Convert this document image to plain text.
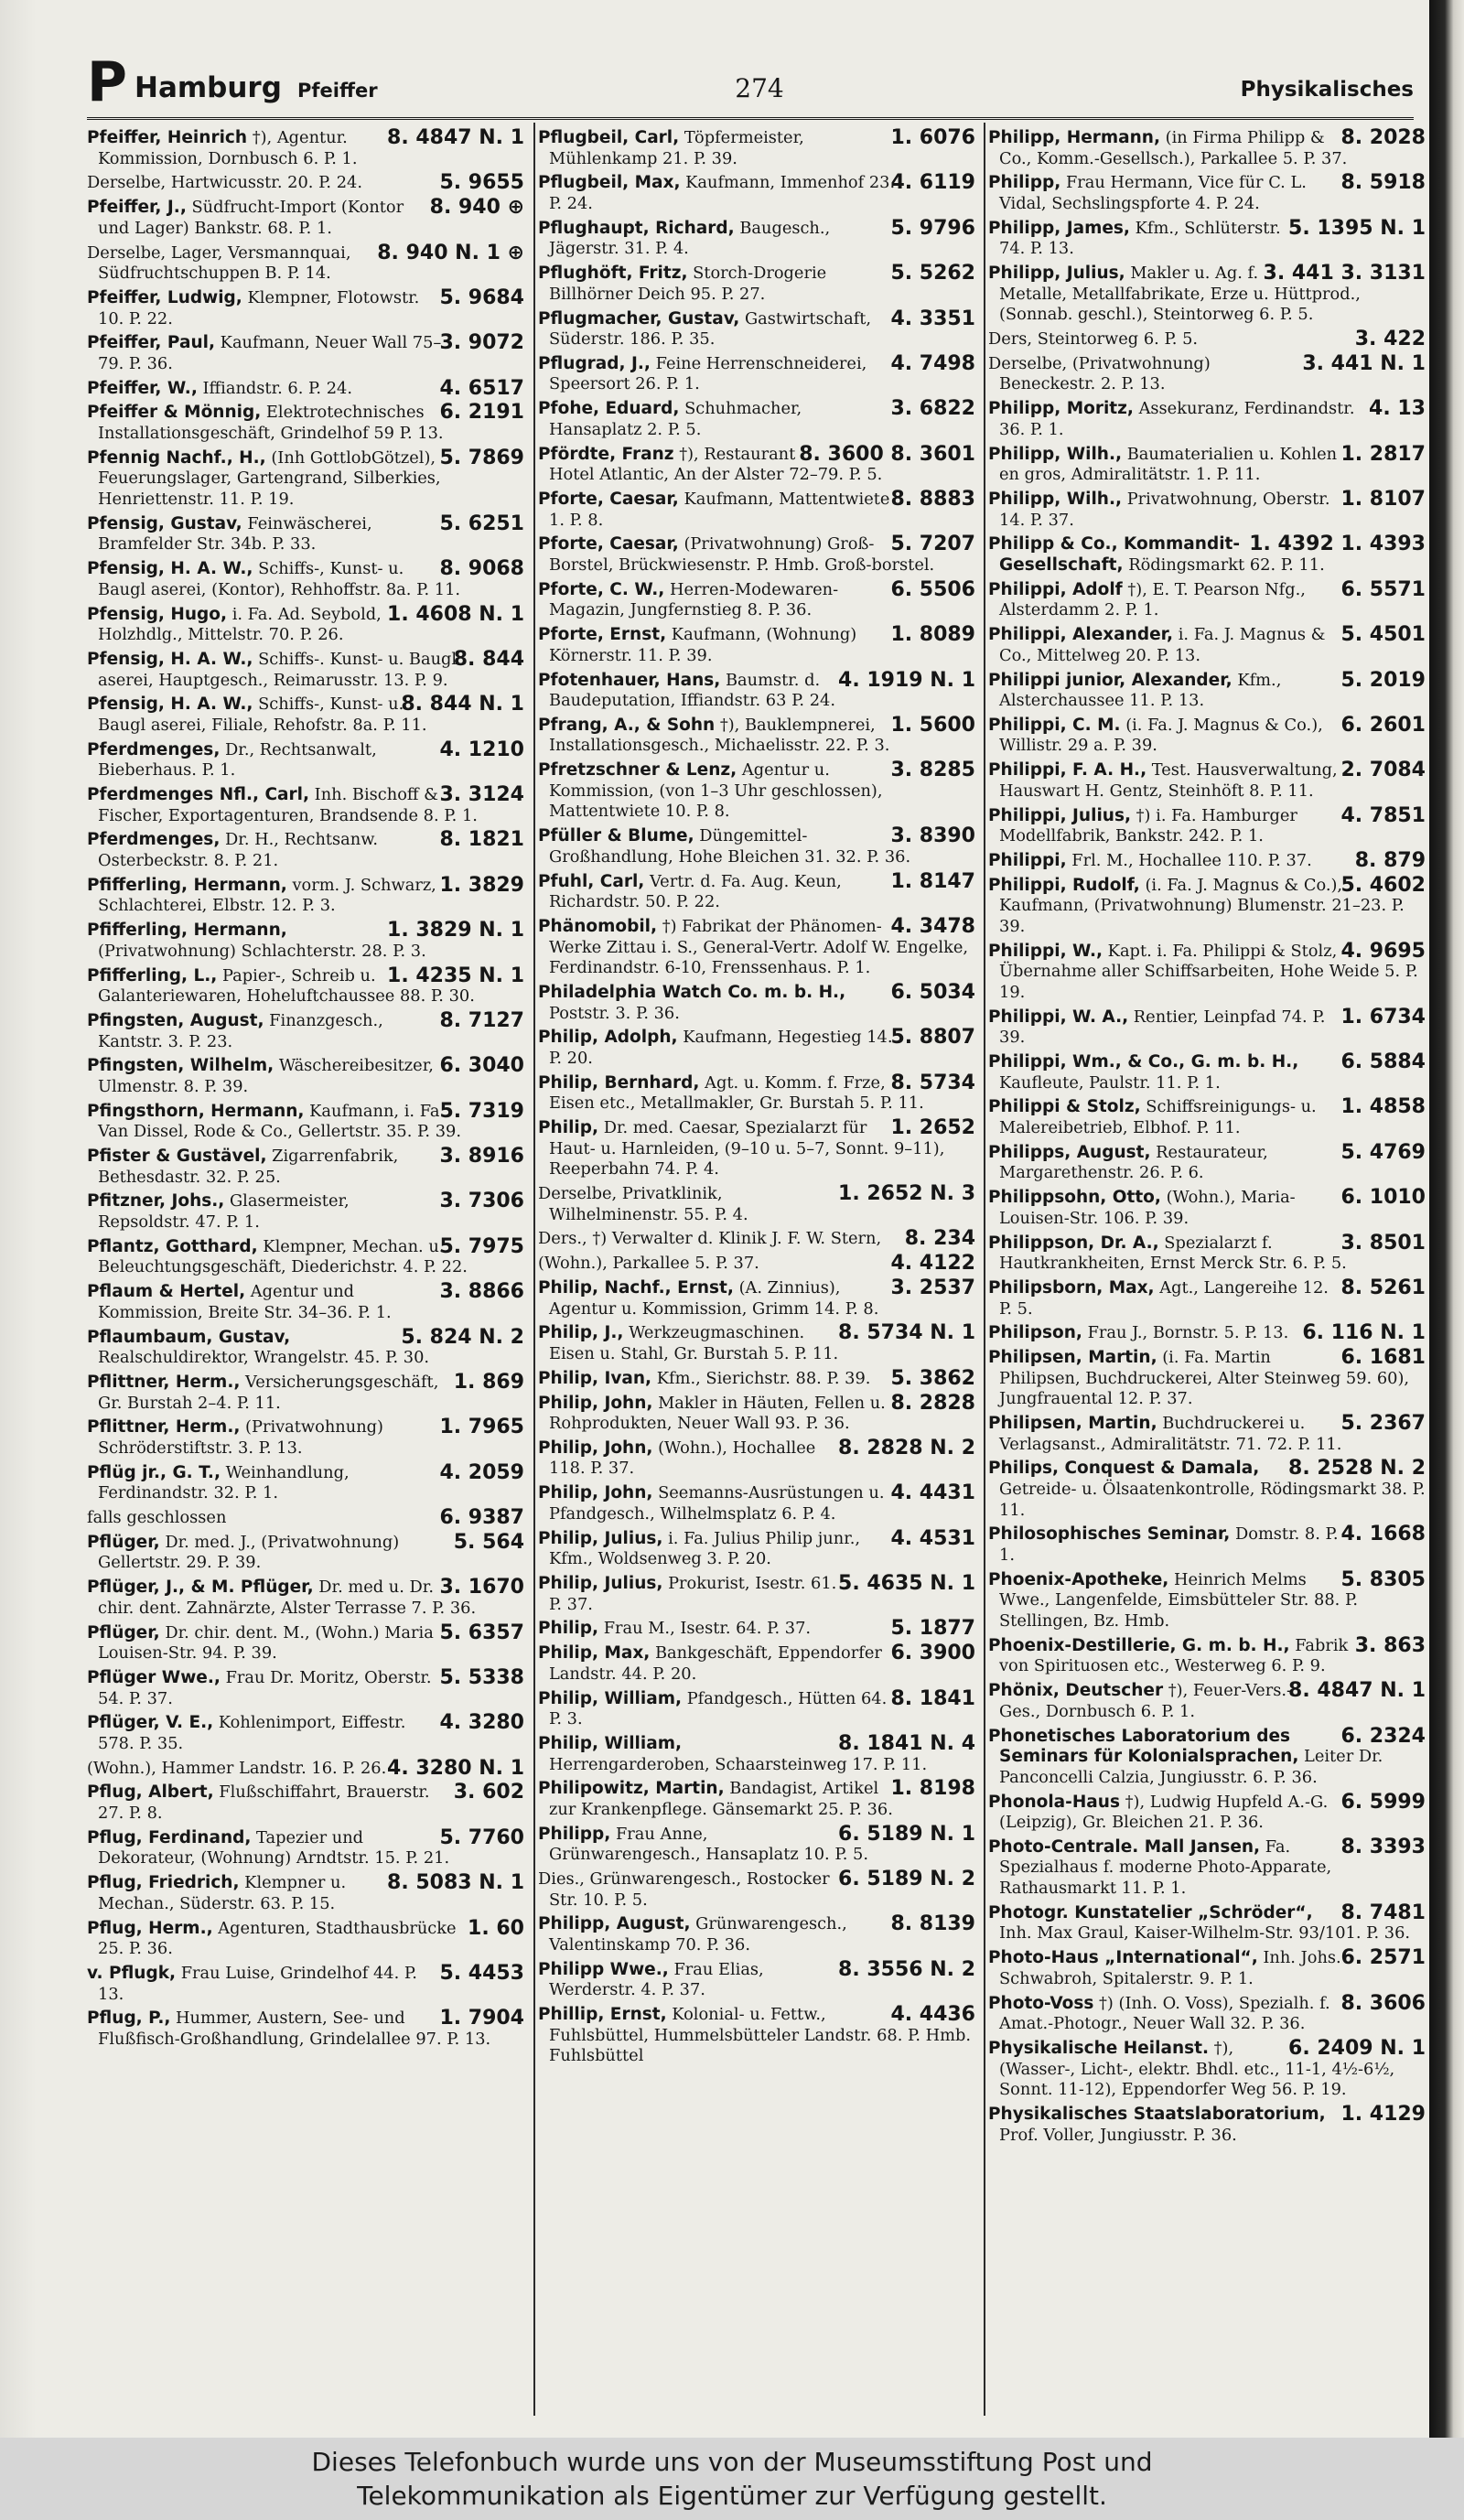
P Hamburg Pfeiffer	274	Physikalisches

8. 4847 N. 1
Pfeiffer, Heinrich †), Agentur. Kommission, Dornbusch 6. P. 1.

5. 9655
Derselbe, Hartwicusstr. 20. P. 24.

8. 940 ⊕
Pfeiffer, J., Südfrucht-Import (Kontor und Lager) Bankstr. 68. P. 1.

8. 940 N. 1 ⊕
Derselbe, Lager, Versmannquai, Südfruchtschuppen B. P. 14.

5. 9684
Pfeiffer, Ludwig, Klempner, Flotowstr. 10. P. 22.

3. 9072
Pfeiffer, Paul, Kaufmann, Neuer Wall 75–79. P. 36.

4. 6517
Pfeiffer, W., Iffiandstr. 6. P. 24.

6. 2191
Pfeiffer & Mönnig, Elektrotechnisches Installationsgeschäft, Grindelhof 59 P. 13.

5. 7869
Pfennig Nachf., H., (Inh GottlobGötzel), Feuerungslager, Gartengrand, Silberkies, Henriettenstr. 11. P. 19.

5. 6251
Pfensig, Gustav, Feinwäscherei, Bramfelder Str. 34b. P. 33.

8. 9068
Pfensig, H. A. W., Schiffs-, Kunst- u. Baugl aserei, (Kontor), Rehhoffstr. 8a. P. 11.

1. 4608 N. 1
Pfensig, Hugo, i. Fa. Ad. Seybold, Holzhdlg., Mittelstr. 70. P. 26.

8. 844
Pfensig, H. A. W., Schiffs-. Kunst- u. Baugl aserei, Hauptgesch., Reimarusstr. 13. P. 9.

8. 844 N. 1
Pfensig, H. A. W., Schiffs-, Kunst- u. Baugl aserei, Filiale, Rehofstr. 8a. P. 11.

4. 1210
Pferdmenges, Dr., Rechtsanwalt, Bieberhaus. P. 1.

3. 3124
Pferdmenges Nfl., Carl, Inh. Bischoff & Fischer, Exportagenturen, Brandsende 8. P. 1.

8. 1821
Pferdmenges, Dr. H., Rechtsanw. Osterbeckstr. 8. P. 21.

1. 3829
Pfifferling, Hermann, vorm. J. Schwarz, Schlachterei, Elbstr. 12. P. 3.

1. 3829 N. 1
Pfifferling, Hermann, (Privatwohnung) Schlachterstr. 28. P. 3.

1. 4235 N. 1
Pfifferling, L., Papier-, Schreib u. Galanteriewaren, Hoheluftchaussee 88. P. 30.

8. 7127
Pfingsten, August, Finanzgesch., Kantstr. 3. P. 23.

6. 3040
Pfingsten, Wilhelm, Wäschereibesitzer, Ulmenstr. 8. P. 39.

5. 7319
Pfingsthorn, Hermann, Kaufmann, i. Fa. Van Dissel, Rode & Co., Gellertstr. 35. P. 39.

3. 8916
Pfister & Gustävel, Zigarrenfabrik, Bethesdastr. 32. P. 25.

3. 7306
Pfitzner, Johs., Glasermeister, Repsoldstr. 47. P. 1.

5. 7975
Pflantz, Gotthard, Klempner, Mechan. u. Beleuchtungsgeschäft, Diederichstr. 4. P. 22.

3. 8866
Pflaum & Hertel, Agentur und Kommission, Breite Str. 34–36. P. 1.

5. 824 N. 2
Pflaumbaum, Gustav, Realschuldirektor, Wrangelstr. 45. P. 30.

1. 869
Pflittner, Herm., Versicherungsgeschäft, Gr. Burstah 2–4. P. 11.

1. 7965
Pflittner, Herm., (Privatwohnung) Schröderstiftstr. 3. P. 13.

4. 2059
Pflüg jr., G. T., Weinhandlung, Ferdinandstr. 32. P. 1.

6. 9387
falls geschlossen

5. 564
Pflüger, Dr. med. J., (Privatwohnung) Gellertstr. 29. P. 39.

3. 1670
Pflüger, J., & M. Pflüger, Dr. med u. Dr. chir. dent. Zahnärzte, Alster Terrasse 7. P. 36.

5. 6357
Pflüger, Dr. chir. dent. M., (Wohn.) Maria Louisen-Str. 94. P. 39.

5. 5338
Pflüger Wwe., Frau Dr. Moritz, Oberstr. 54. P. 37.

4. 3280
Pflüger, V. E., Kohlenimport, Eiffestr. 578. P. 35.

4. 3280 N. 1
(Wohn.), Hammer Landstr. 16. P. 26.

3. 602
Pflug, Albert, Flußschiffahrt, Brauerstr. 27. P. 8.

5. 7760
Pflug, Ferdinand, Tapezier und Dekorateur, (Wohnung) Arndtstr. 15. P. 21.

8. 5083 N. 1
Pflug, Friedrich, Klempner u. Mechan., Süderstr. 63. P. 15.

1. 60
Pflug, Herm., Agenturen, Stadthausbrücke 25. P. 36.

5. 4453
v. Pflugk, Frau Luise, Grindelhof 44. P. 13.

1. 7904
Pflug, P., Hummer, Austern, See- und Flußfisch-Großhandlung, Grindelallee 97. P. 13.

1. 6076
Pflugbeil, Carl, Töpfermeister, Mühlenkamp 21. P. 39.

4. 6119
Pflugbeil, Max, Kaufmann, Immenhof 23. P. 24.

5. 9796
Pflughaupt, Richard, Baugesch., Jägerstr. 31. P. 4.

5. 5262
Pflughöft, Fritz, Storch-Drogerie Billhörner Deich 95. P. 27.

4. 3351
Pflugmacher, Gustav, Gastwirtschaft, Süderstr. 186. P. 35.

4. 7498
Pflugrad, J., Feine Herrenschneiderei, Speersort 26. P. 1.

3. 6822
Pfohe, Eduard, Schuhmacher, Hansaplatz 2. P. 5.

8. 3600 8. 3601
Pfördte, Franz †), Restaurant Hotel Atlantic, An der Alster 72–79. P. 5.

8. 8883
Pforte, Caesar, Kaufmann, Mattentwiete 1. P. 8.

5. 7207
Pforte, Caesar, (Privatwohnung) Groß-Borstel, Brückwiesenstr. P. Hmb. Groß-borstel.

6. 5506
Pforte, C. W., Herren-Modewaren-Magazin, Jungfernstieg 8. P. 36.

1. 8089
Pforte, Ernst, Kaufmann, (Wohnung) Körnerstr. 11. P. 39.

4. 1919 N. 1
Pfotenhauer, Hans, Baumstr. d. Baudeputation, Iffiandstr. 63 P. 24.

1. 5600
Pfrang, A., & Sohn †), Bauklempnerei, Installationsgesch., Michaelisstr. 22. P. 3.

3. 8285
Pfretzschner & Lenz, Agentur u. Kommission, (von 1–3 Uhr geschlossen), Mattentwiete 10. P. 8.

3. 8390
Pfüller & Blume, Düngemittel-Großhandlung, Hohe Bleichen 31. 32. P. 36.

1. 8147
Pfuhl, Carl, Vertr. d. Fa. Aug. Keun, Richardstr. 50. P. 22.

4. 3478
Phänomobil, †) Fabrikat der Phänomen-Werke Zittau i. S., General-Vertr. Adolf W. Engelke, Ferdinandstr. 6-10, Frenssenhaus. P. 1.

6. 5034
Philadelphia Watch Co. m. b. H., Poststr. 3. P. 36.

5. 8807
Philip, Adolph, Kaufmann, Hegestieg 14. P. 20.

8. 5734
Philip, Bernhard, Agt. u. Komm. f. Frze, Eisen etc., Metallmakler, Gr. Burstah 5. P. 11.

1. 2652
Philip, Dr. med. Caesar, Spezialarzt für Haut- u. Harnleiden, (9–10 u. 5–7, Sonnt. 9–11), Reeperbahn 74. P. 4.

1. 2652 N. 3
Derselbe, Privatklinik, Wilhelminenstr. 55. P. 4.

8. 234
Ders., †) Verwalter d. Klinik J. F. W. Stern,

4. 4122
(Wohn.), Parkallee 5. P. 37.

3. 2537
Philip, Nachf., Ernst, (A. Zinnius), Agentur u. Kommission, Grimm 14. P. 8.

8. 5734 N. 1
Philip, J., Werkzeugmaschinen. Eisen u. Stahl, Gr. Burstah 5. P. 11.

5. 3862
Philip, Ivan, Kfm., Sierichstr. 88. P. 39.

8. 2828
Philip, John, Makler in Häuten, Fellen u. Rohprodukten, Neuer Wall 93. P. 36.

8. 2828 N. 2
Philip, John, (Wohn.), Hochallee 118. P. 37.

4. 4431
Philip, John, Seemanns-Ausrüstungen u. Pfandgesch., Wilhelmsplatz 6. P. 4.

4. 4531
Philip, Julius, i. Fa. Julius Philip junr., Kfm., Woldsenweg 3. P. 20.

5. 4635 N. 1
Philip, Julius, Prokurist, Isestr. 61. P. 37.

5. 1877
Philip, Frau M., Isestr. 64. P. 37.

6. 3900
Philip, Max, Bankgeschäft, Eppendorfer Landstr. 44. P. 20.

8. 1841
Philip, William, Pfandgesch., Hütten 64. P. 3.

8. 1841 N. 4
Philip, William, Herrengarderoben, Schaarsteinweg 17. P. 11.

1. 8198
Philipowitz, Martin, Bandagist, Artikel zur Krankenpflege. Gänsemarkt 25. P. 36.

6. 5189 N. 1
Philipp, Frau Anne, Grünwarengesch., Hansaplatz 10. P. 5.

6. 5189 N. 2
Dies., Grünwarengesch., Rostocker Str. 10. P. 5.

8. 8139
Philipp, August, Grünwarengesch., Valentinskamp 70. P. 36.

8. 3556 N. 2
Philipp Wwe., Frau Elias, Werderstr. 4. P. 37.

4. 4436
Phillip, Ernst, Kolonial- u. Fettw., Fuhlsbüttel, Hummelsbütteler Landstr. 68. P. Hmb. Fuhlsbüttel

8. 2028
Philipp, Hermann, (in Firma Philipp & Co., Komm.-Gesellsch.), Parkallee 5. P. 37.

8. 5918
Philipp, Frau Hermann, Vice für C. L. Vidal, Sechslingspforte 4. P. 24.

5. 1395 N. 1
Philipp, James, Kfm., Schlüterstr. 74. P. 13.

3. 441 3. 3131
Philipp, Julius, Makler u. Ag. f. Metalle, Metallfabrikate, Erze u. Hüttprod., (Sonnab. geschl.), Steintorweg 6. P. 5.

3. 422
Ders, Steintorweg 6. P. 5.

3. 441 N. 1
Derselbe, (Privatwohnung) Beneckestr. 2. P. 13.

4. 13
Philipp, Moritz, Assekuranz, Ferdinandstr. 36. P. 1.

1. 2817
Philipp, Wilh., Baumaterialien u. Kohlen en gros, Admiralitätstr. 1. P. 11.

1. 8107
Philipp, Wilh., Privatwohnung, Oberstr. 14. P. 37.

1. 4392 1. 4393
Philipp & Co., Kommandit-Gesellschaft, Rödingsmarkt 62. P. 11.

6. 5571
Philippi, Adolf †), E. T. Pearson Nfg., Alsterdamm 2. P. 1.

5. 4501
Philippi, Alexander, i. Fa. J. Magnus & Co., Mittelweg 20. P. 13.

5. 2019
Philippi junior, Alexander, Kfm., Alsterchaussee 11. P. 13.

6. 2601
Philippi, C. M. (i. Fa. J. Magnus & Co.), Willistr. 29 a. P. 39.

2. 7084
Philippi, F. A. H., Test. Hausverwaltung, Hauswart H. Gentz, Steinhöft 8. P. 11.

4. 7851
Philippi, Julius, †) i. Fa. Hamburger Modellfabrik, Bankstr. 242. P. 1.

8. 879
Philippi, Frl. M., Hochallee 110. P. 37.

5. 4602
Philippi, Rudolf, (i. Fa. J. Magnus & Co.), Kaufmann, (Privatwohnung) Blumenstr. 21–23. P. 39.

4. 9695
Philippi, W., Kapt. i. Fa. Philippi & Stolz, Übernahme aller Schiffsarbeiten, Hohe Weide 5. P. 19.

1. 6734
Philippi, W. A., Rentier, Leinpfad 74. P. 39.

6. 5884
Philippi, Wm., & Co., G. m. b. H., Kaufleute, Paulstr. 11. P. 1.

1. 4858
Philippi & Stolz, Schiffsreinigungs- u. Malereibetrieb, Elbhof. P. 11.

5. 4769
Philipps, August, Restaurateur, Margarethenstr. 26. P. 6.

6. 1010
Philippsohn, Otto, (Wohn.), Maria-Louisen-Str. 106. P. 39.

3. 8501
Philippson, Dr. A., Spezialarzt f. Hautkrankheiten, Ernst Merck Str. 6. P. 5.

8. 5261
Philipsborn, Max, Agt., Langereihe 12. P. 5.

6. 116 N. 1
Philipson, Frau J., Bornstr. 5. P. 13.

6. 1681
Philipsen, Martin, (i. Fa. Martin Philipsen, Buchdruckerei, Alter Steinweg 59. 60), Jungfrauental 12. P. 37.

5. 2367
Philipsen, Martin, Buchdruckerei u. Verlagsanst., Admiralitätstr. 71. 72. P. 11.

8. 2528 N. 2
Philips, Conquest & Damala, Getreide- u. Ölsaatenkontrolle, Rödingsmarkt 38. P. 11.

4. 1668
Philosophisches Seminar, Domstr. 8. P. 1.

5. 8305
Phoenix-Apotheke, Heinrich Melms Wwe., Langenfelde, Eimsbütteler Str. 88. P. Stellingen, Bz. Hmb.

3. 863
Phoenix-Destillerie, G. m. b. H., Fabrik von Spirituosen etc., Westerweg 6. P. 9.

8. 4847 N. 1
Phönix, Deutscher †), Feuer-Vers.-Ges., Dornbusch 6. P. 1.

6. 2324
Phonetisches Laboratorium des Seminars für Kolonialsprachen, Leiter Dr. Panconcelli Calzia, Jungiusstr. 6. P. 36.

6. 5999
Phonola-Haus †), Ludwig Hupfeld A.-G. (Leipzig), Gr. Bleichen 21. P. 36.

8. 3393
Photo-Centrale. Mall Jansen, Fa. Spezialhaus f. moderne Photo-Apparate, Rathausmarkt 11. P. 1.

8. 7481
Photogr. Kunstatelier „Schröder“, Inh. Max Graul, Kaiser-Wilhelm-Str. 93/101. P. 36.

6. 2571
Photo-Haus „International“, Inh. Johs. Schwabroh, Spitalerstr. 9. P. 1.

8. 3606
Photo-Voss †) (Inh. O. Voss), Spezialh. f. Amat.-Photogr., Neuer Wall 32. P. 36.

6. 2409 N. 1
Physikalische Heilanst. †), (Wasser-, Licht-, elektr. Bhdl. etc., 11-1, 4½-6½, Sonnt. 11-12), Eppendorfer Weg 56. P. 19.

1. 4129
Physikalisches Staatslaboratorium, Prof. Voller, Jungiusstr. P. 36.

Dieses Telefonbuch wurde uns von der Museumsstiftung Post und
Telekommunikation als Eigentümer zur Verfügung gestellt.
